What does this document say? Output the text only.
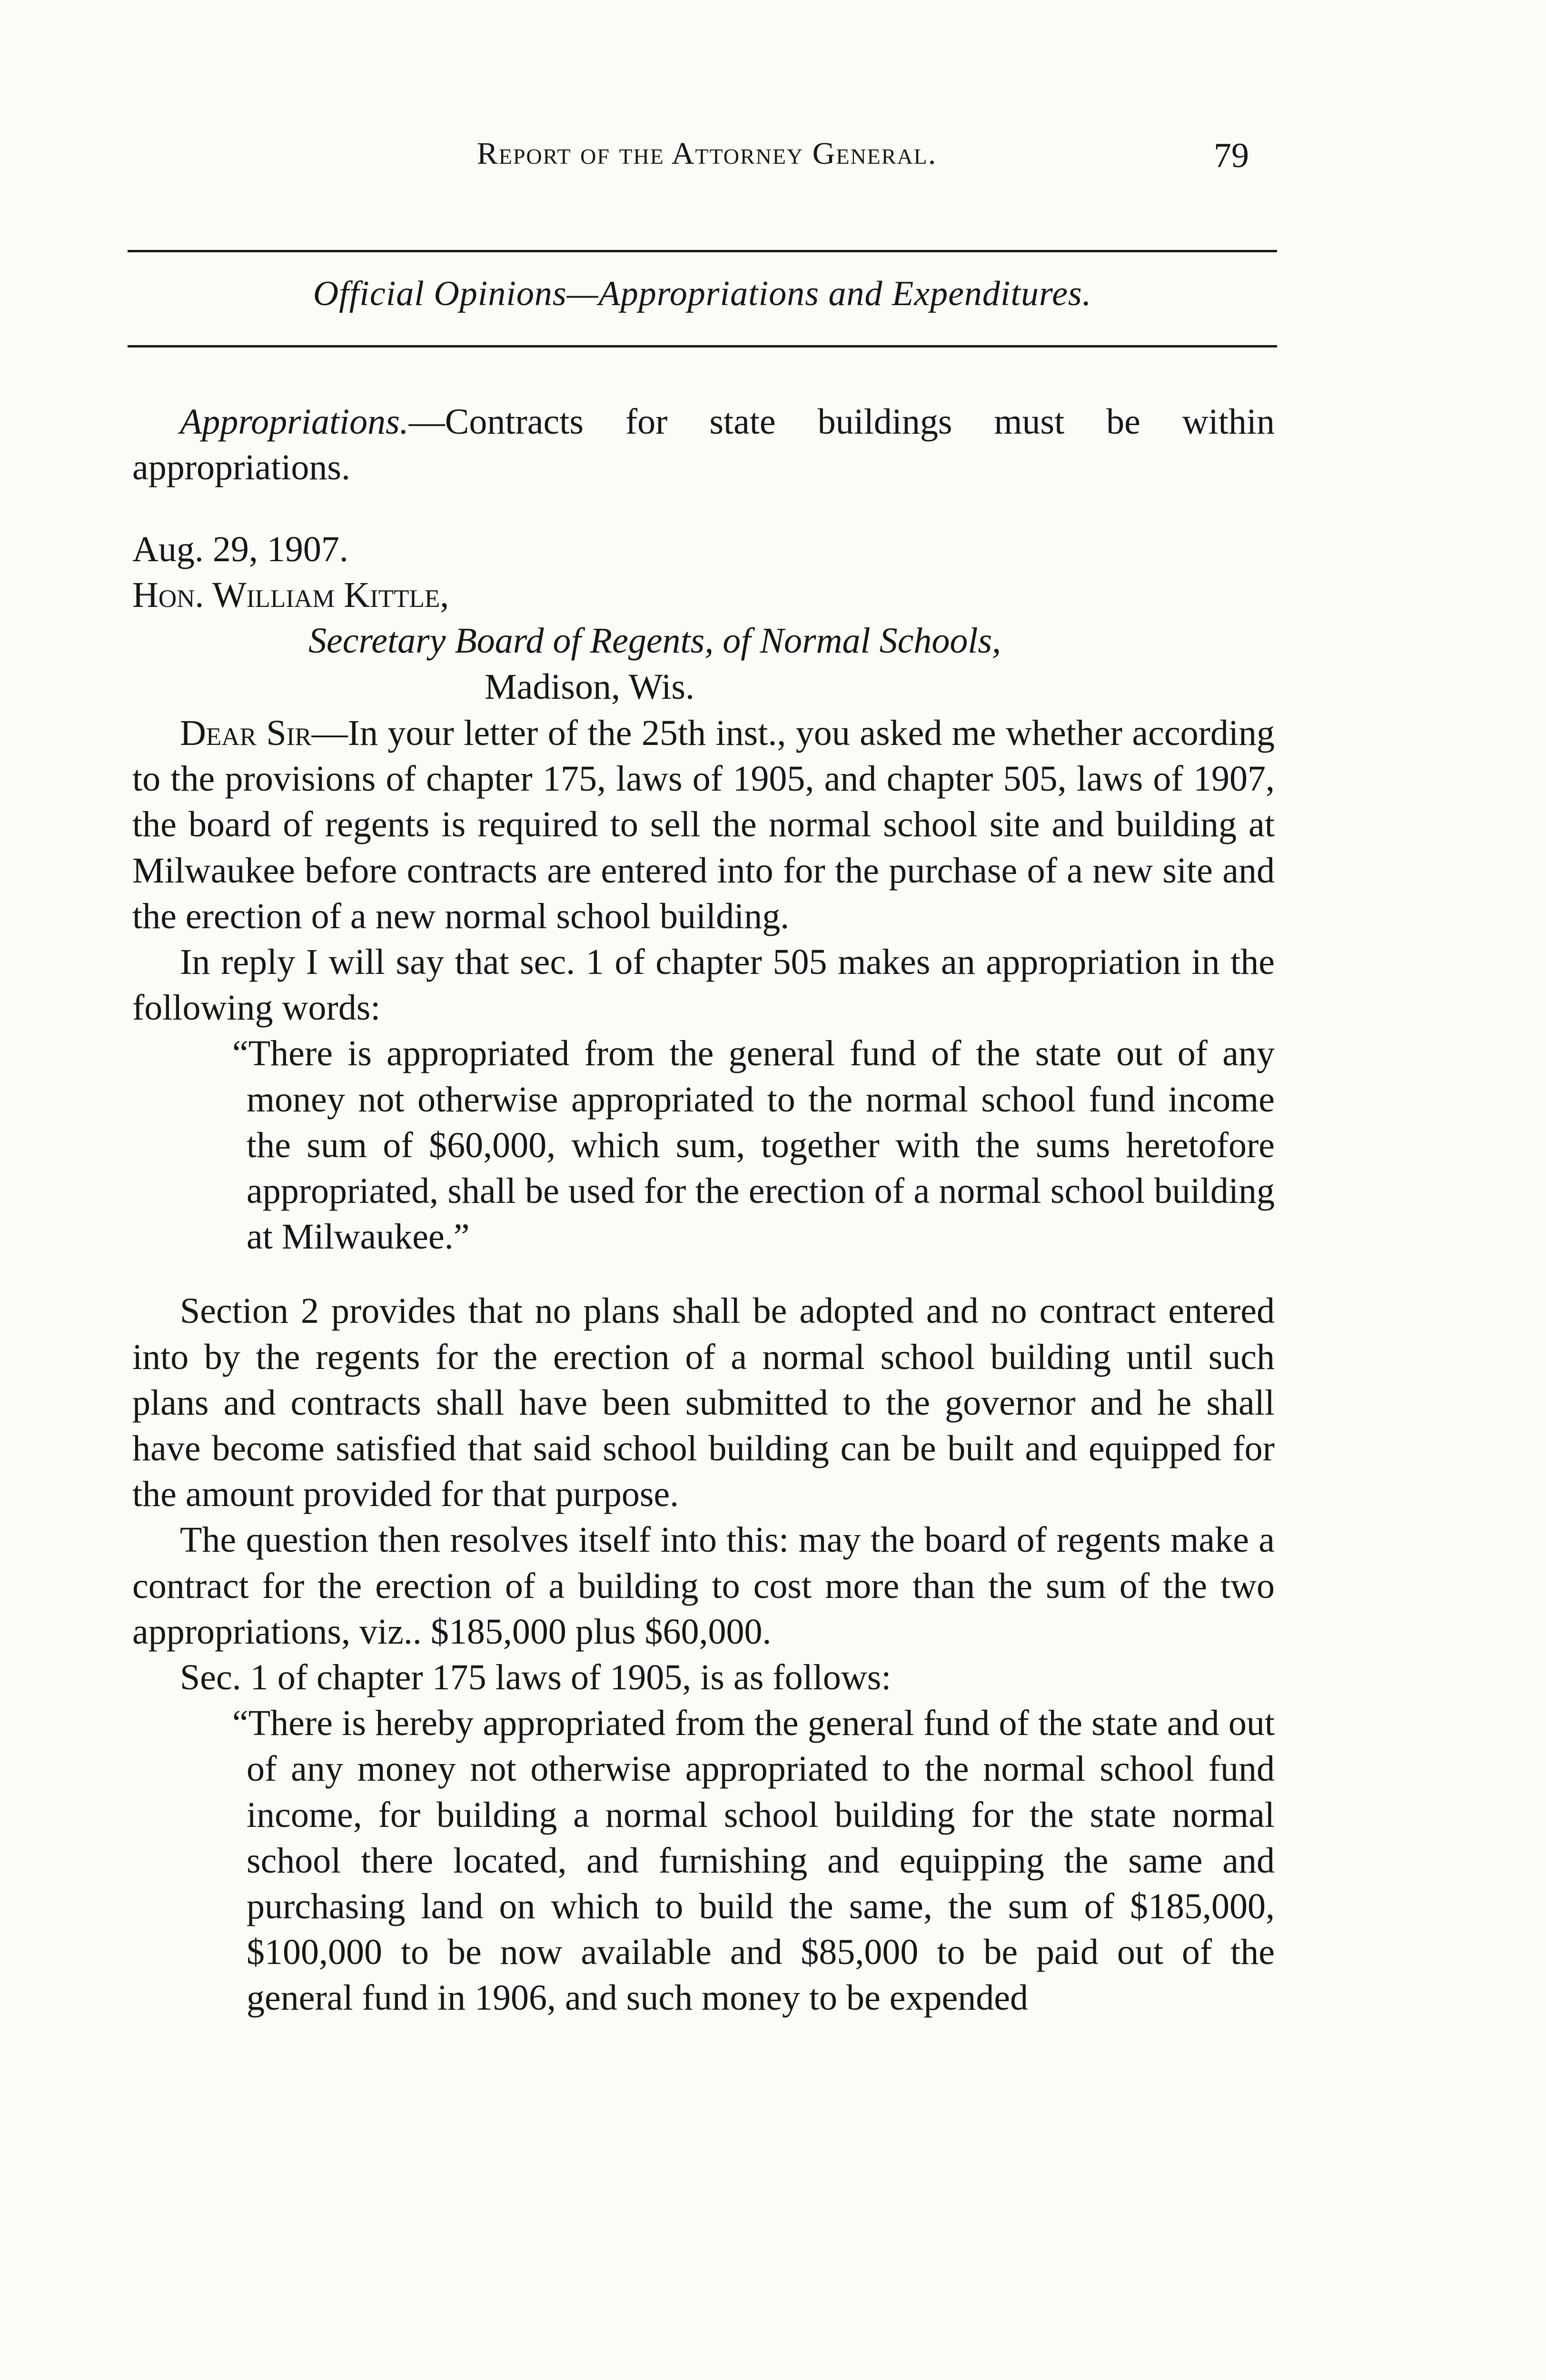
Report of the Attorney General.	79
Official Opinions—Appropriations and Expenditures.

Appropriations.—Contracts for state buildings must be within appropriations.

Aug. 29, 1907.

Hon. William Kittle,

Secretary Board of Regents, of Normal Schools,

Madison, Wis.

Dear Sir—In your letter of the 25th inst., you asked me whether according to the provisions of chapter 175, laws of 1905, and chapter 505, laws of 1907, the board of regents is required to sell the normal school site and building at Milwaukee before contracts are entered into for the purchase of a new site and the erection of a new normal school building.

In reply I will say that sec. 1 of chapter 505 makes an appropriation in the following words:

“There is appropriated from the general fund of the state out of any money not otherwise appropriated to the normal school fund income the sum of $60,000, which sum, together with the sums heretofore appropriated, shall be used for the erection of a normal school building at Milwaukee.”

Section 2 provides that no plans shall be adopted and no contract entered into by the regents for the erection of a normal school building until such plans and contracts shall have been submitted to the governor and he shall have become satisfied that said school building can be built and equipped for the amount provided for that purpose.

The question then resolves itself into this: may the board of regents make a contract for the erection of a building to cost more than the sum of the two appropriations, viz.. $185,000 plus $60,000.

Sec. 1 of chapter 175 laws of 1905, is as follows:

“There is hereby appropriated from the general fund of the state and out of any money not otherwise appropriated to the normal school fund income, for building a normal school building for the state normal school there located, and furnishing and equipping the same and purchasing land on which to build the same, the sum of $185,000, $100,000 to be now available and $85,000 to be paid out of the general fund in 1906, and such money to be expended
